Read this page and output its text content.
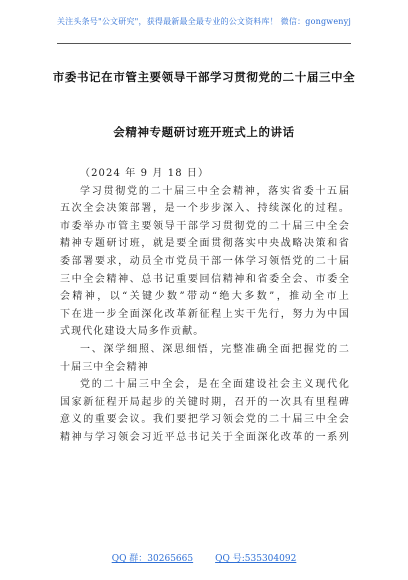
关注头条号"公文研究"，获得最新最全最专业的公文资料库！ 微信：gongwenyj
市委书记在市管主要领导干部学习贯彻党的二十届三中全
会精神专题研讨班开班式上的讲话
（2024 年 9 月 18 日）
学习贯彻党的二十届三中全会精神，落实省委十五届
五次全会决策部署，是一个步步深入、持续深化的过程。
市委举办市管主要领导干部学习贯彻党的二十届三中全会
精神专题研讨班，就是要全面贯彻落实中央战略决策和省
委部署要求，动员全市党员干部一体学习领悟党的二十届
三中全会精神、总书记重要回信精神和省委全会、市委全
会精神，以“关键少数”带动“绝大多数”，推动全市上
下在进一步全面深化改革新征程上实干先行，努力为中国
式现代化建设大局多作贡献。
一、深学细照、深思细悟，完整准确全面把握党的二
十届三中全会精神
党的二十届三中全会，是在全面建设社会主义现代化
国家新征程开局起步的关键时期，召开的一次具有里程碑
意义的重要会议。我们要把学习领会党的二十届三中全会
精神与学习领会习近平总书记关于全面深化改革的一系列
QQ 群：30265665 QQ 号:535304092
